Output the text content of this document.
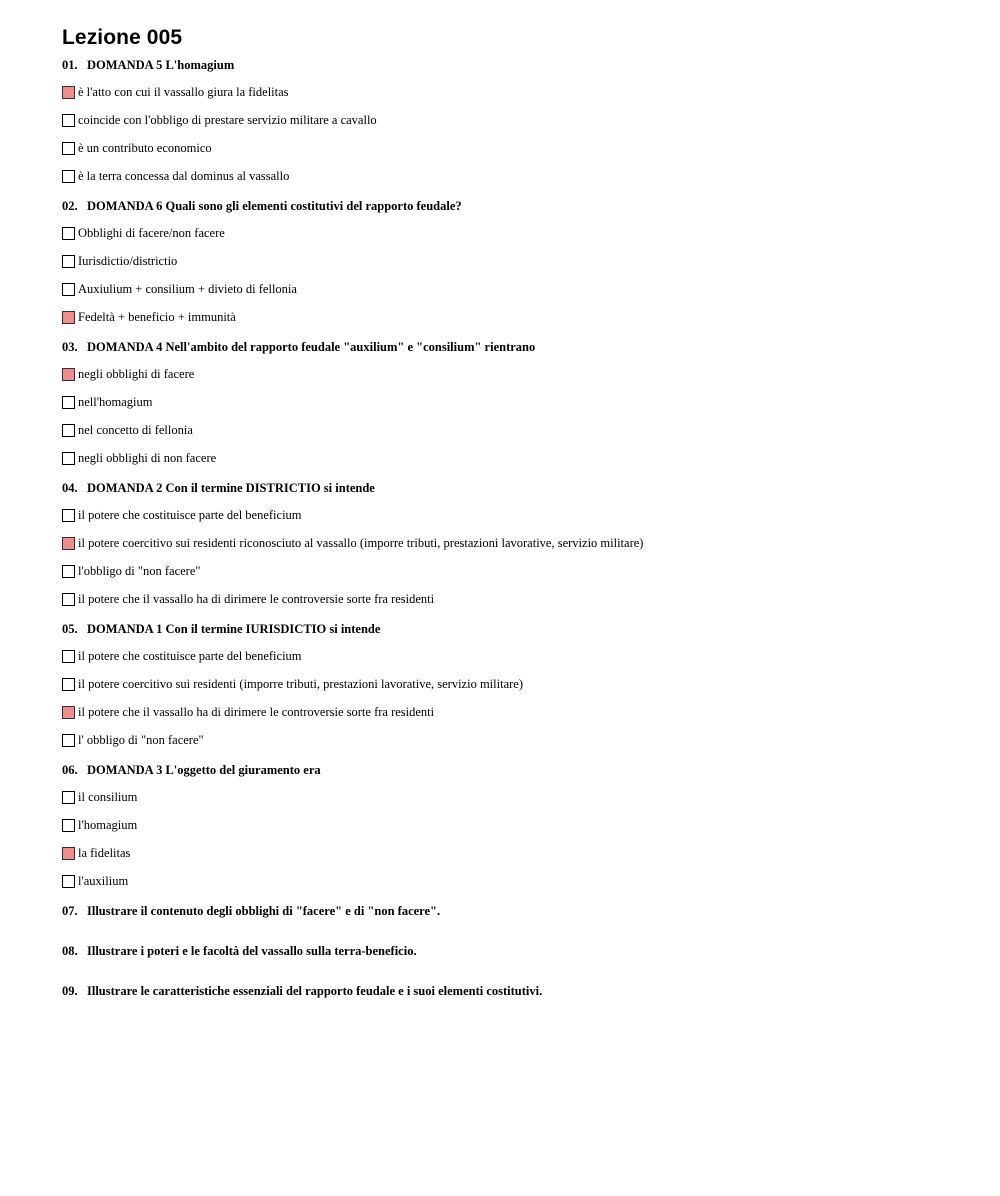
Lezione 005
01. DOMANDA 5 L'homagium
è l'atto con cui il vassallo giura la fidelitas
coincide con l'obbligo di prestare servizio militare a cavallo
è un contributo economico
è la terra concessa dal dominus al vassallo
02. DOMANDA 6 Quali sono gli elementi costitutivi del rapporto feudale?
Obblighi di facere/non facere
Iurisdictio/districtio
Auxiulium + consilium + divieto di fellonia
Fedeltà + beneficio + immunità
03. DOMANDA 4 Nell'ambito del rapporto feudale "auxilium" e "consilium" rientrano
negli obblighi di facere
nell'homagium
nel concetto di fellonia
negli obblighi di non facere
04. DOMANDA 2 Con il termine DISTRICTIO si intende
il potere che costituisce parte del beneficium
il potere coercitivo sui residenti riconosciuto al vassallo (imporre tributi, prestazioni lavorative, servizio militare)
l'obbligo di "non facere"
il potere che il vassallo ha di dirimere le controversie sorte fra residenti
05. DOMANDA 1 Con il termine IURISDICTIO si intende
il potere che costituisce parte del beneficium
il potere coercitivo sui residenti (imporre tributi, prestazioni lavorative, servizio militare)
il potere che il vassallo ha di dirimere le controversie sorte fra residenti
l' obbligo di "non facere"
06. DOMANDA 3 L'oggetto del giuramento era
il consilium
l'homagium
la fidelitas
l'auxilium
07. Illustrare il contenuto degli obblighi di "facere" e di "non facere".
08. Illustrare i poteri e le facoltà del vassallo sulla terra-beneficio.
09. Illustrare le caratteristiche essenziali del rapporto feudale e i suoi elementi costitutivi.
